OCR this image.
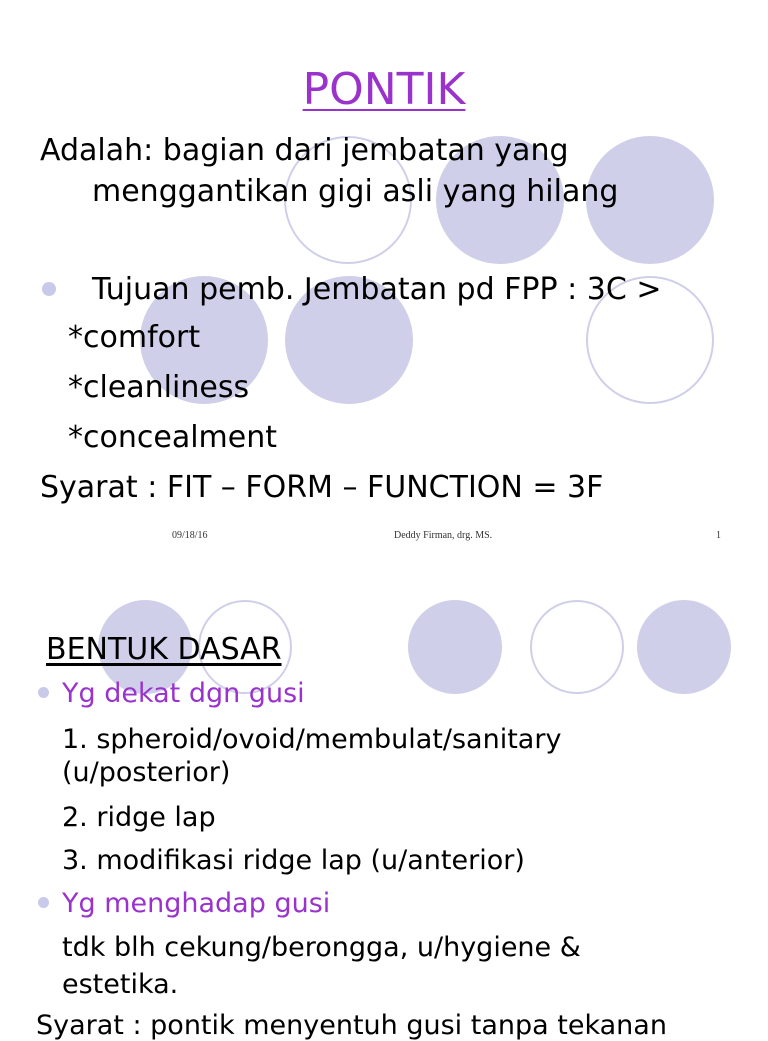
PONTIK
Adalah: bagian dari jembatan yang
menggantikan gigi asli yang hilang
Tujuan pemb. Jembatan pd FPP : 3C >
*comfort
*cleanliness
*concealment
Syarat : FIT – FORM – FUNCTION = 3F
09/18/16	Deddy Firman, drg. MS.	1
BENTUK DASAR
Yg dekat dgn gusi
1. spheroid/ovoid/membulat/sanitary
(u/posterior)
2. ridge lap
3. modifikasi ridge lap (u/anterior)
Yg menghadap gusi
tdk blh cekung/berongga, u/hygiene &
estetika.
Syarat : pontik menyentuh gusi tanpa tekanan
